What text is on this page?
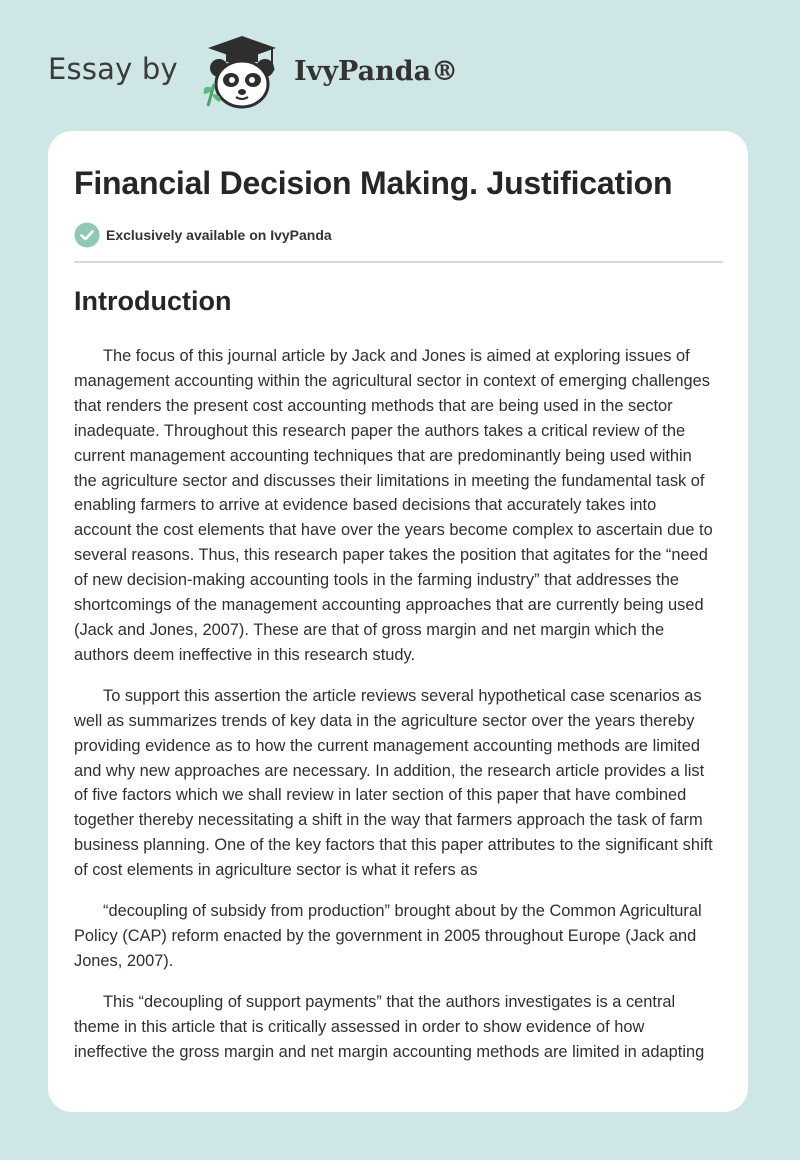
Essay by	IvyPanda®
Financial Decision Making. Justification
Exclusively available on IvyPanda
Introduction

The focus of this journal article by Jack and Jones is aimed at exploring issues of
management accounting within the agricultural sector in context of emerging challenges
that renders the present cost accounting methods that are being used in the sector
inadequate. Throughout this research paper the authors takes a critical review of the
current management accounting techniques that are predominantly being used within
the agriculture sector and discusses their limitations in meeting the fundamental task of
enabling farmers to arrive at evidence based decisions that accurately takes into
account the cost elements that have over the years become complex to ascertain due to
several reasons. Thus, this research paper takes the position that agitates for the “need
of new decision-making accounting tools in the farming industry” that addresses the
shortcomings of the management accounting approaches that are currently being used
(Jack and Jones, 2007). These are that of gross margin and net margin which the
authors deem ineffective in this research study.

To support this assertion the article reviews several hypothetical case scenarios as
well as summarizes trends of key data in the agriculture sector over the years thereby
providing evidence as to how the current management accounting methods are limited
and why new approaches are necessary. In addition, the research article provides a list
of five factors which we shall review in later section of this paper that have combined
together thereby necessitating a shift in the way that farmers approach the task of farm
business planning. One of the key factors that this paper attributes to the significant shift
of cost elements in agriculture sector is what it refers as

“decoupling of subsidy from production” brought about by the Common Agricultural
Policy (CAP) reform enacted by the government in 2005 throughout Europe (Jack and
Jones, 2007).

This “decoupling of support payments” that the authors investigates is a central
theme in this article that is critically assessed in order to show evidence of how
ineffective the gross margin and net margin accounting methods are limited in adapting
